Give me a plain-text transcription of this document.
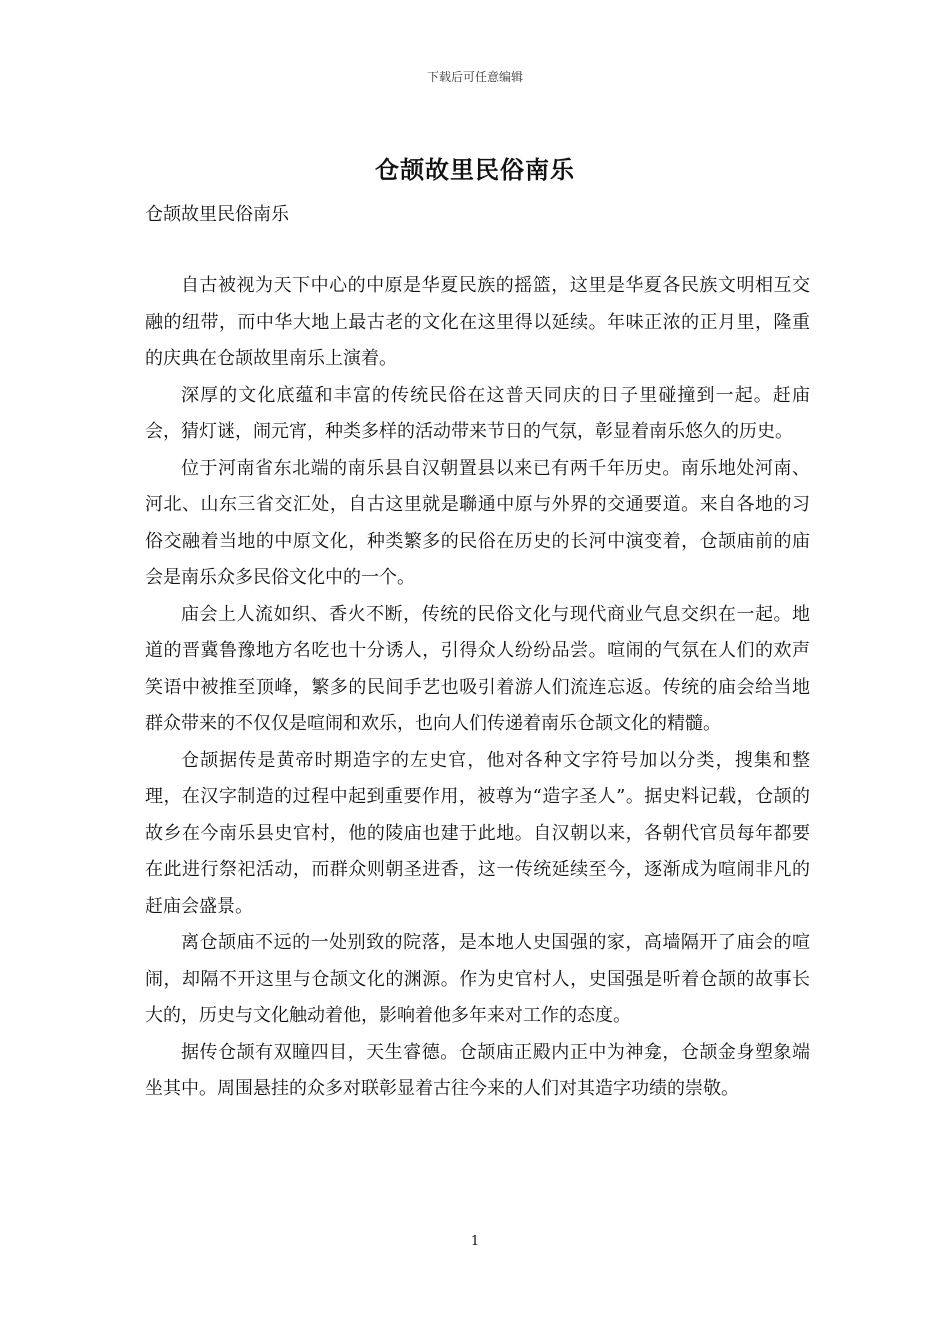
下载后可任意编辑
仓颉故里民俗南乐
仓颉故里民俗南乐

自古被视为天下中心的中原是华夏民族的摇篮，这里是华夏各民族文明相互交融的纽带，而中华大地上最古老的文化在这里得以延续。年味正浓的正月里，隆重的庆典在仓颉故里南乐上演着。

深厚的文化底蕴和丰富的传统民俗在这普天同庆的日子里碰撞到一起。赶庙会，猜灯谜，闹元宵，种类多样的活动带来节日的气氛，彰显着南乐悠久的历史。

位于河南省东北端的南乐县自汉朝置县以来已有两千年历史。南乐地处河南、河北、山东三省交汇处，自古这里就是聯通中原与外界的交通要道。来自各地的习俗交融着当地的中原文化，种类繁多的民俗在历史的长河中演变着，仓颉庙前的庙会是南乐众多民俗文化中的一个。

庙会上人流如织、香火不断，传统的民俗文化与现代商业气息交织在一起。地道的晋冀鲁豫地方名吃也十分诱人，引得众人纷纷品尝。喧闹的气氛在人们的欢声笑语中被推至顶峰，繁多的民间手艺也吸引着游人们流连忘返。传统的庙会给当地群众带来的不仅仅是喧闹和欢乐，也向人们传递着南乐仓颉文化的精髓。

仓颉据传是黄帝时期造字的左史官，他对各种文字符号加以分类，搜集和整理，在汉字制造的过程中起到重要作用，被尊为“造字圣人”。据史料记载，仓颉的故乡在今南乐县史官村，他的陵庙也建于此地。自汉朝以来，各朝代官员每年都要在此进行祭祀活动，而群众则朝圣进香，这一传统延续至今，逐渐成为喧闹非凡的赶庙会盛景。

离仓颉庙不远的一处别致的院落，是本地人史国强的家，高墙隔开了庙会的喧闹，却隔不开这里与仓颉文化的渊源。作为史官村人，史国强是听着仓颉的故事长大的，历史与文化触动着他，影响着他多年来对工作的态度。

据传仓颉有双瞳四目，天生睿德。仓颉庙正殿内正中为神龛，仓颉金身塑象端坐其中。周围悬挂的众多对联彰显着古往今来的人们对其造字功绩的崇敬。

1
